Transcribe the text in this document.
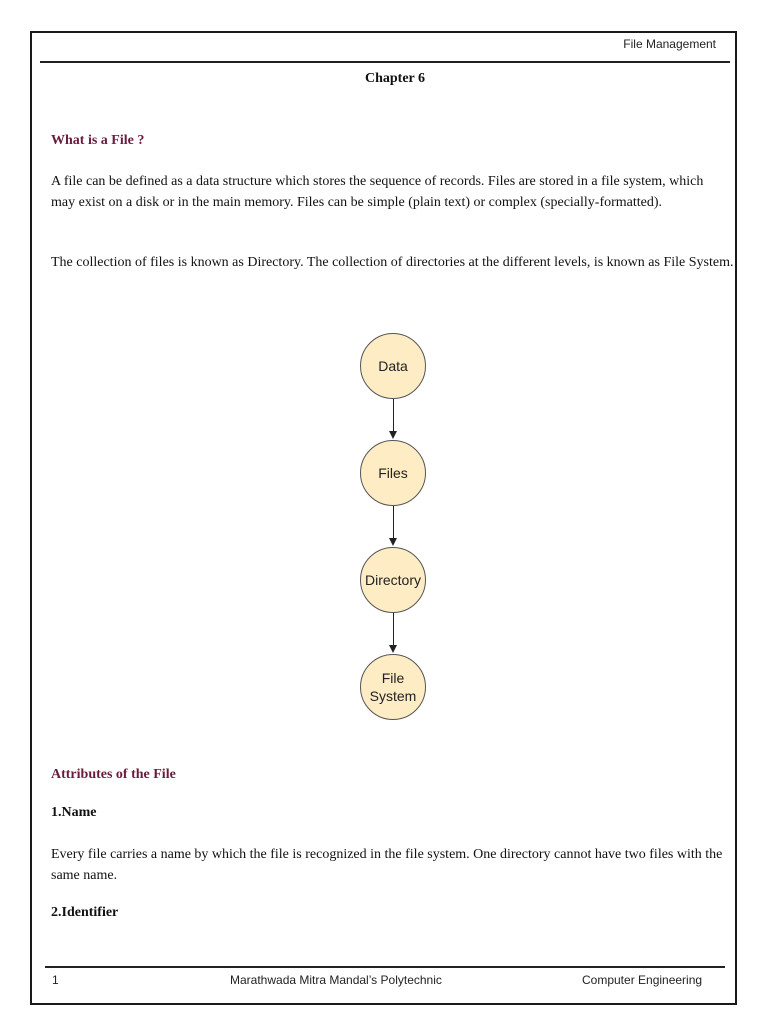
File Management
Chapter 6
What is a File ?

A file can be defined as a data structure which stores the sequence of records. Files are stored in a file system, which may exist on a disk or in the main memory. Files can be simple (plain text) or complex (specially-formatted).

The collection of files is known as Directory. The collection of directories at the different levels, is known as File System.

Data
Files
Directory
File
System
Attributes of the File
1.Name

Every file carries a name by which the file is recognized in the file system. One directory cannot have two files with the same name.

2.Identifier
1	Marathwada Mitra Mandal’s Polytechnic	Computer Engineering
